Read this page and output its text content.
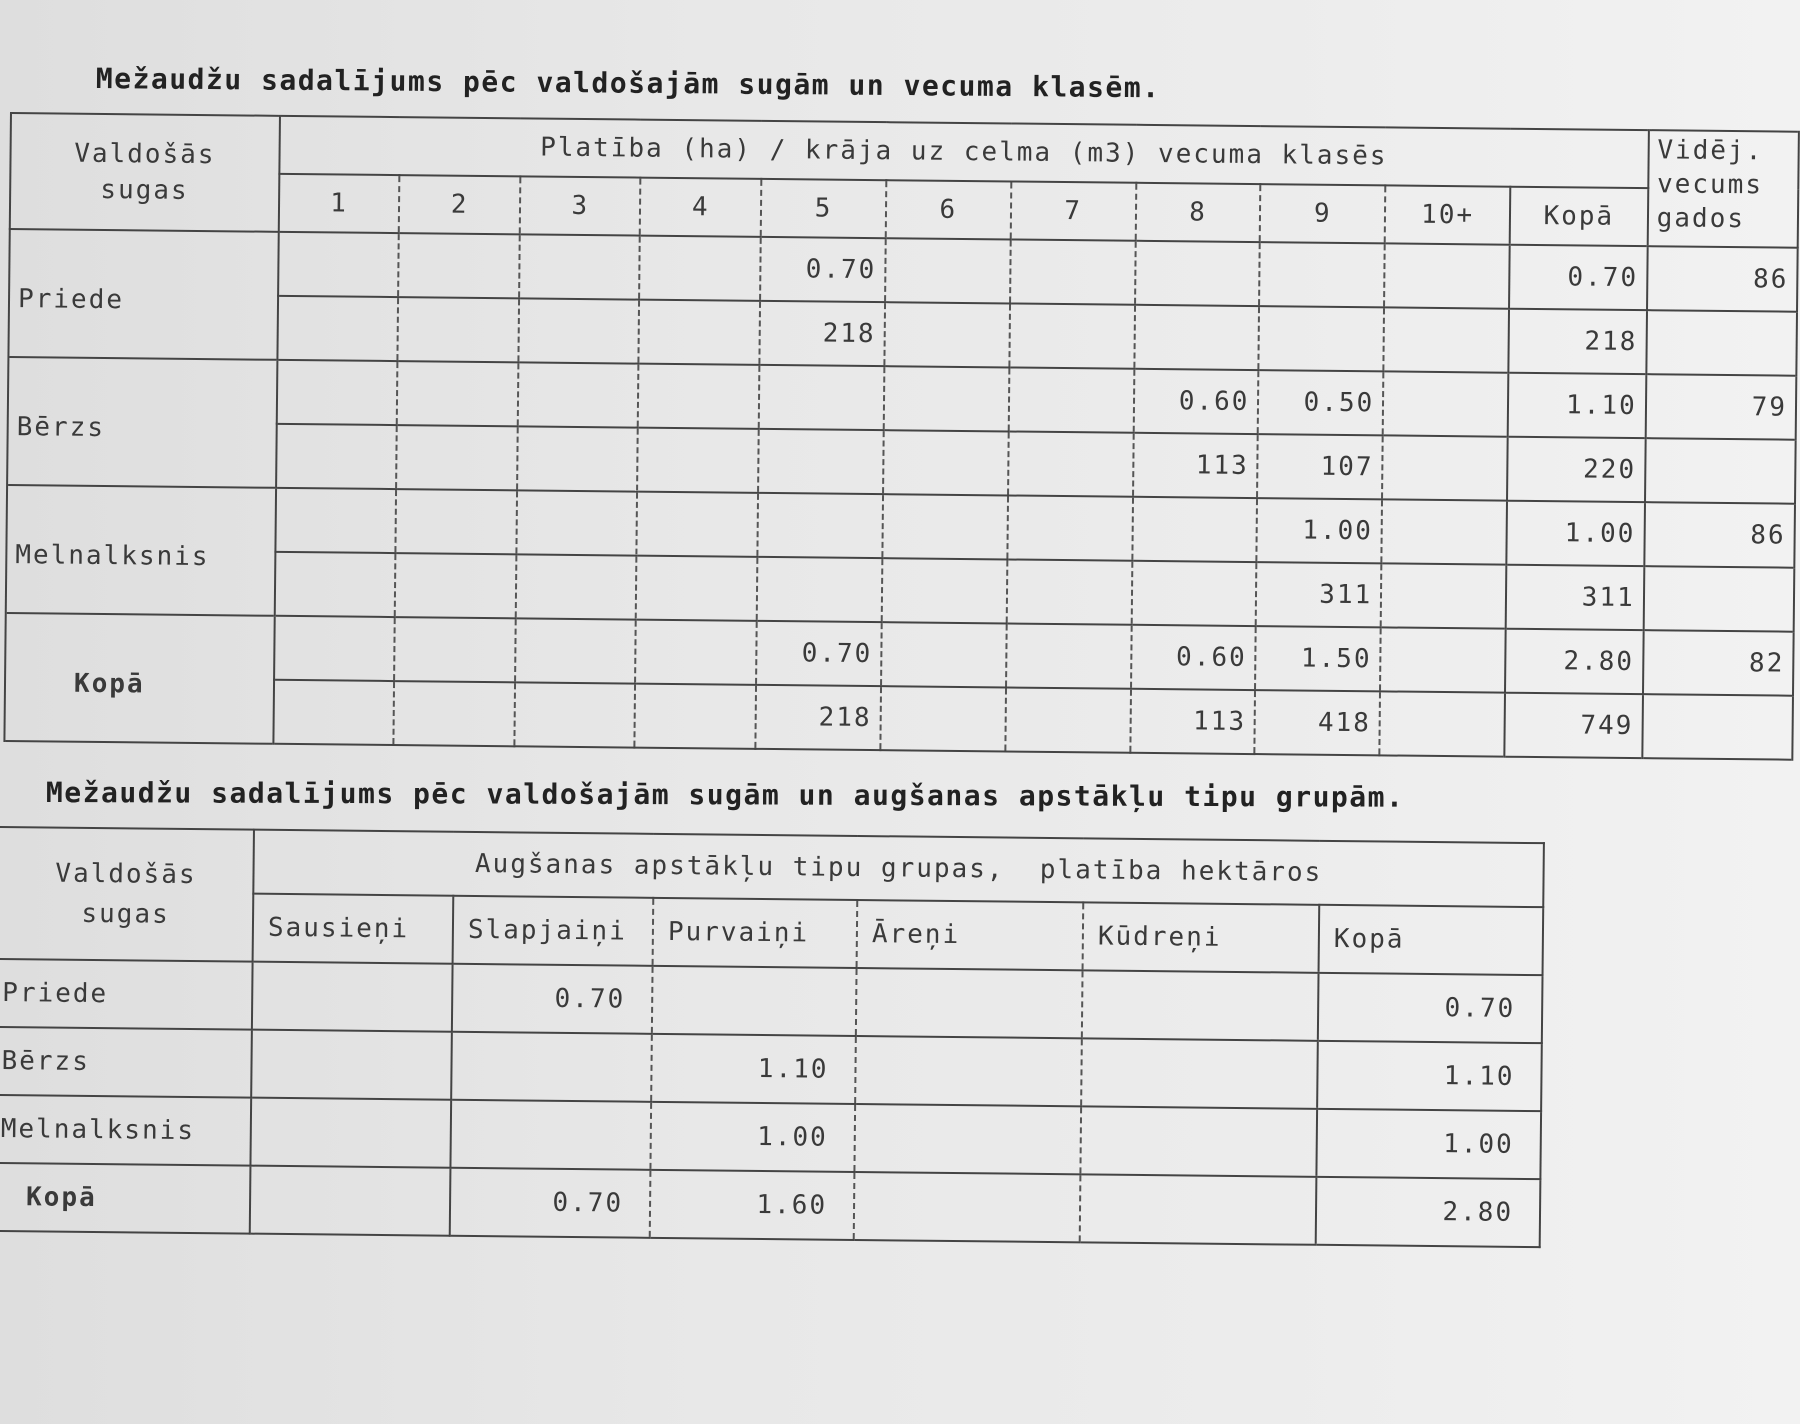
Mežaudžu sadalījums pēc valdošajām sugām un vecuma klasēm.
Valdošās sugas	Platība (ha) / krāja uz celma (m3) vecuma klasēs											Vidēj. vecums gados
	1	2	3	4	5	6	7	8	9	10+	Kopā	
Priede					0.70						0.70	86
					218						218	
Bērzs								0.60	0.50		1.10	79
								113	107		220	
Melnalksnis									1.00		1.00	86
									311		311	
Kopā					0.70			0.60	1.50		2.80	82
					218			113	418		749	
Mežaudžu sadalījums pēc valdošajām sugām un augšanas apstākļu tipu grupām.
Valdošās sugas	Augšanas apstākļu tipu grupas,  platība hektāros					
	Sausieņi	Slapjaiņi	Purvaiņi	Āreņi	Kūdreņi	Kopā
Priede		0.70				0.70
Bērzs			1.10			1.10
Melnalksnis			1.00			1.00
Kopā		0.70	1.60			2.80
